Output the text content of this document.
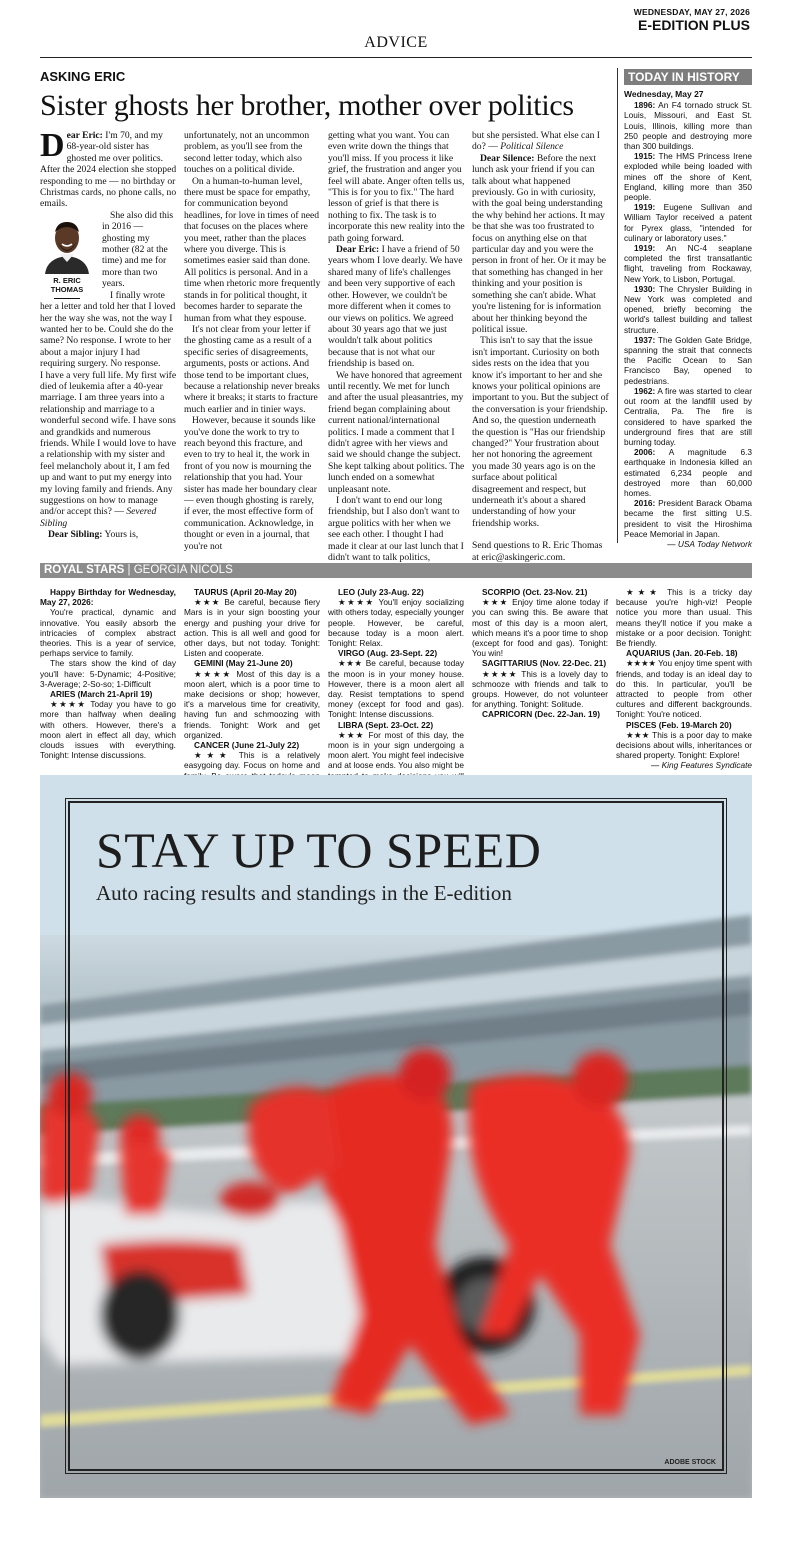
WEDNESDAY, MAY 27, 2026
E-EDITION PLUS
ADVICE
ASKING ERIC
Sister ghosts her brother, mother over politics

Dear Eric: I'm 70, and my 68-year-old sister has ghosted me over politics. After the 2024 election she stopped responding to me — no birthday or Christmas cards, no phone calls, no emails.

R. ERIC THOMAS

She also did this in 2016 — ghosting my mother (82 at the time) and me for more than two years.

I finally wrote her a letter and told her that I loved her the way she was, not the way I wanted her to be. Could she do the same? No response. I wrote to her about a major injury I had requiring surgery. No response.

I have a very full life. My first wife died of leukemia after a 40-year marriage. I am three years into a relationship and marriage to a wonderful second wife. I have sons and grandkids and numerous friends. While I would love to have a relationship with my sister and feel melancholy about it, I am fed up and want to put my energy into my loving family and friends. Any suggestions on how to manage and/or accept this? — Severed Sibling

Dear Sibling: Yours is,

unfortunately, not an uncommon problem, as you'll see from the second letter today, which also touches on a political divide.

On a human-to-human level, there must be space for empathy, for communication beyond headlines, for love in times of need that focuses on the places where you meet, rather than the places where you diverge. This is sometimes easier said than done. All politics is personal. And in a time when rhetoric more frequently stands in for political thought, it becomes harder to separate the human from what they espouse.

It's not clear from your letter if the ghosting came as a result of a specific series of disagreements, arguments, posts or actions. And those tend to be important clues, because a relationship never breaks where it breaks; it starts to fracture much earlier and in tinier ways.

However, because it sounds like you've done the work to try to reach beyond this fracture, and even to try to heal it, the work in front of you now is mourning the relationship that you had. Your sister has made her boundary clear — even though ghosting is rarely, if ever, the most effective form of communication. Acknowledge, in thought or even in a journal, that you're not

getting what you want. You can even write down the things that you'll miss. If you process it like grief, the frustration and anger you feel will abate. Anger often tells us, "This is for you to fix." The hard lesson of grief is that there is nothing to fix. The task is to incorporate this new reality into the path going forward.

Dear Eric: I have a friend of 50 years whom I love dearly. We have shared many of life's challenges and been very supportive of each other. However, we couldn't be more different when it comes to our views on politics. We agreed about 30 years ago that we just wouldn't talk about politics because that is not what our friendship is based on.

We have honored that agreement until recently. We met for lunch and after the usual pleasantries, my friend began complaining about current national/international politics. I made a comment that I didn't agree with her views and said we should change the subject. She kept talking about politics. The lunch ended on a somewhat unpleasant note.

I don't want to end our long friendship, but I also don't want to argue politics with her when we see each other. I thought I had made it clear at our last lunch that I didn't want to talk politics,

but she persisted. What else can I do? — Political Silence

Dear Silence: Before the next lunch ask your friend if you can talk about what happened previously. Go in with curiosity, with the goal being understanding the why behind her actions. It may be that she was too frustrated to focus on anything else on that particular day and you were the person in front of her. Or it may be that something has changed in her thinking and your position is something she can't abide. What you're listening for is information about her thinking beyond the political issue.

This isn't to say that the issue isn't important. Curiosity on both sides rests on the idea that you know it's important to her and she knows your political opinions are important to you. But the subject of the conversation is your friendship. And so, the question underneath the question is "Has our friendship changed?" Your frustration about her not honoring the agreement you made 30 years ago is on the surface about political disagreement and respect, but underneath it's about a shared understanding of how your friendship works.

Send questions to R. Eric Thomas at eric@askingeric.com.

TODAY IN HISTORY
Wednesday, May 27
1896: An F4 tornado struck St. Louis, Missouri, and East St. Louis, Illinois, killing more than 250 people and destroying more than 300 buildings.
1915: The HMS Princess Irene exploded while being loaded with mines off the shore of Kent, England, killing more than 350 people.
1919: Eugene Sullivan and William Taylor received a patent for Pyrex glass, "intended for culinary or laboratory uses."
1919: An NC-4 seaplane completed the first transatlantic flight, traveling from Rockaway, New York, to Lisbon, Portugal.
1930: The Chrysler Building in New York was completed and opened, briefly becoming the world's tallest building and tallest structure.
1937: The Golden Gate Bridge, spanning the strait that connects the Pacific Ocean to San Francisco Bay, opened to pedestrians.
1962: A fire was started to clear out room at the landfill used by Centralia, Pa. The fire is considered to have sparked the underground fires that are still burning today.
2006: A magnitude 6.3 earthquake in Indonesia killed an estimated 6,234 people and destroyed more than 60,000 homes.
2016: President Barack Obama became the first sitting U.S. president to visit the Hiroshima Peace Memorial in Japan.
— USA Today Network
ROYAL STARS | GEORGIA NICOLS
Happy Birthday for Wednesday, May 27, 2026:

You're practical, dynamic and innovative. You easily absorb the intricacies of complex abstract theories. This is a year of service, perhaps service to family.

The stars show the kind of day you'll have: 5-Dynamic; 4-Positive; 3-Average; 2-So-so; 1-Difficult

ARIES (March 21-April 19)

★★★★ Today you have to go more than halfway when dealing with others. However, there's a moon alert in effect all day, which clouds issues with everything. Tonight: Intense discussions.

TAURUS (April 20-May 20)

★★★ Be careful, because fiery Mars is in your sign boosting your energy and pushing your drive for action. This is all well and good for other days, but not today. Tonight: Listen and cooperate.

GEMINI (May 21-June 20)

★★★★ Most of this day is a moon alert, which is a poor time to make decisions or shop; however, it's a marvelous time for creativity, having fun and schmoozing with friends. Tonight: Work and get organized.

CANCER (June 21-July 22)

★★★ This is a relatively easygoing day. Focus on home and

LEO (July 23-Aug. 22)

★★★★ You'll enjoy socializing with others today, especially younger people. However, be careful, because today is a moon alert. Tonight: Relax.

VIRGO (Aug. 23-Sept. 22)

★★★ Be careful, because today the moon is in your money house. However, there is a moon alert all day. Resist temptations to spend money (except for food and gas). Tonight: Intense discussions.

LIBRA (Sept. 23-Oct. 22)

★★★ For most of this day, the moon is in your sign undergoing a moon alert. You might feel indecisive and at loose ends. You also might be

SCORPIO (Oct. 23-Nov. 21)

★★★ Enjoy time alone today if you can swing this. Be aware that most of this day is a moon alert, which means it's a poor time to shop (except for food and gas). Tonight: You win!

SAGITTARIUS (Nov. 22-Dec. 21)

★★★★ This is a lovely day to schmooze with friends and talk to groups. However, do not volunteer for anything. Tonight: Solitude.

CAPRICORN (Dec. 22-Jan. 19)

★★★ This is a tricky day because you're high-viz! People notice you more than usual. This means they'll notice if you make a mistake or a poor decision. Tonight: Be friendly.

AQUARIUS (Jan. 20-Feb. 18)

★★★★ You enjoy time spent with friends, and today is an ideal day to do this. In particular, you'll be attracted to people from other cultures and different backgrounds. Tonight: You're noticed.

PISCES (Feb. 19-March 20)

★★★ This is a poor day to make decisions about wills, inheritances or shared property. Tonight: Explore!

— King Features Syndicate
STAY UP TO SPEED
Auto racing results and standings in the E-edition
ADOBE STOCK
